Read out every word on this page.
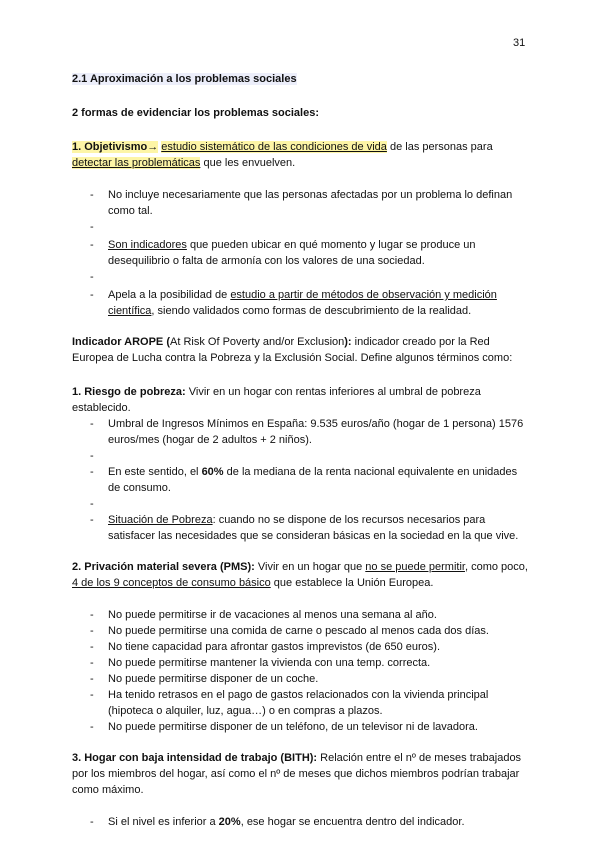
31

2.1 Aproximación a los problemas sociales

2 formas de evidenciar los problemas sociales:

1. Objetivismo→ estudio sistemático de las condiciones de vida de las personas para detectar las problemáticas que les envuelven.

- No incluye necesariamente que las personas afectadas por un problema lo definan como tal.
-
- Son indicadores que pueden ubicar en qué momento y lugar se produce un desequilibrio o falta de armonía con los valores de una sociedad.
-
- Apela a la posibilidad de estudio a partir de métodos de observación y medición científica, siendo validados como formas de descubrimiento de la realidad.

Indicador AROPE (At Risk Of Poverty and/or Exclusion): indicador creado por la Red Europea de Lucha contra la Pobreza y la Exclusión Social. Define algunos términos como:

1. Riesgo de pobreza: Vivir en un hogar con rentas inferiores al umbral de pobreza establecido.

- Umbral de Ingresos Mínimos en España: 9.535 euros/año (hogar de 1 persona) 1576 euros/mes (hogar de 2 adultos + 2 niños).
-
- En este sentido, el 60% de la mediana de la renta nacional equivalente en unidades de consumo.
-
- Situación de Pobreza: cuando no se dispone de los recursos necesarios para satisfacer las necesidades que se consideran básicas en la sociedad en la que vive.

2. Privación material severa (PMS): Vivir en un hogar que no se puede permitir, como poco, 4 de los 9 conceptos de consumo básico que establece la Unión Europea.

- No puede permitirse ir de vacaciones al menos una semana al año.
- No puede permitirse una comida de carne o pescado al menos cada dos días.
- No tiene capacidad para afrontar gastos imprevistos (de 650 euros).
- No puede permitirse mantener la vivienda con una temp. correcta.
- No puede permitirse disponer de un coche.
- Ha tenido retrasos en el pago de gastos relacionados con la vivienda principal (hipoteca o alquiler, luz, agua…) o en compras a plazos.
- No puede permitirse disponer de un teléfono, de un televisor ni de lavadora.

3. Hogar con baja intensidad de trabajo (BITH): Relación entre el nº de meses trabajados por los miembros del hogar, así como el nº de meses que dichos miembros podrían trabajar como máximo.

- Si el nivel es inferior a 20%, ese hogar se encuentra dentro del indicador.
